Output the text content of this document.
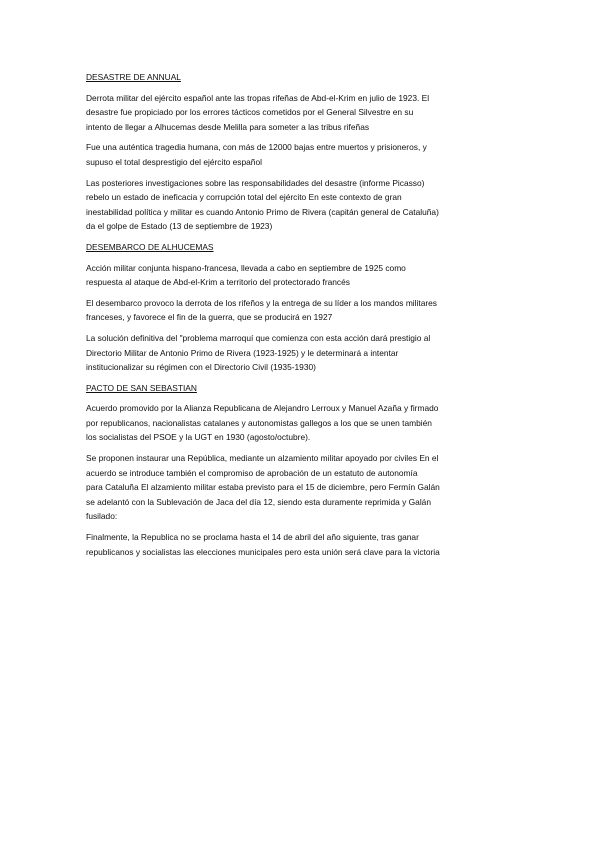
DESASTRE DE ANNUAL

Derrota militar del ejército español ante las tropas rifeñas de Abd-el-Krim en julio de 1923. El
desastre fue propiciado por los errores tácticos cometidos por el General Silvestre en su
intento de llegar a Alhucemas desde Melilla para someter a las tribus rifeñas

Fue una auténtica tragedia humana, con más de 12000 bajas entre muertos y prisioneros, y
supuso el total desprestigio del ejército español

Las posteriores investigaciones sobre las responsabilidades del desastre (informe Picasso)
rebelo un estado de ineficacia y corrupción total del ejército En este contexto de gran
inestabilidad política y militar es cuando Antonio Primo de Rivera (capitán general de Cataluña)
da el golpe de Estado (13 de septiembre de 1923)

DESEMBARCO DE ALHUCEMAS

Acción militar conjunta hispano-francesa, llevada a cabo en septiembre de 1925 como
respuesta al ataque de Abd-el-Krim a territorio del protectorado francés

El desembarco provoco la derrota de los rifeños y la entrega de su líder a los mandos militares
franceses, y favorece el fin de la guerra, que se producirá en 1927

La solución definitiva del "problema marroquí que comienza con esta acción dará prestigio al
Directorio Militar de Antonio Primo de Rivera (1923-1925) y le determinará a intentar
institucionalizar su régimen con el Directorio Civil (1935-1930)

PACTO DE SAN SEBASTIAN

Acuerdo promovido por la Alianza Republicana de Alejandro Lerroux y Manuel Azaña y firmado
por republicanos, nacionalistas catalanes y autonomistas gallegos a los que se unen también
los socialistas del PSOE y la UGT en 1930 (agosto/octubre).

Se proponen instaurar una República, mediante un alzamiento militar apoyado por civiles En el
acuerdo se introduce también el compromiso de aprobación de un estatuto de autonomía
para Cataluña El alzamiento militar estaba previsto para el 15 de diciembre, pero Fermín Galán
se adelantó con la Sublevación de Jaca del día 12, siendo esta duramente reprimida y Galán
fusilado:

Finalmente, la Republica no se proclama hasta el 14 de abril del año siguiente, tras ganar
republicanos y socialistas las elecciones municipales pero esta unión será clave para la victoria
